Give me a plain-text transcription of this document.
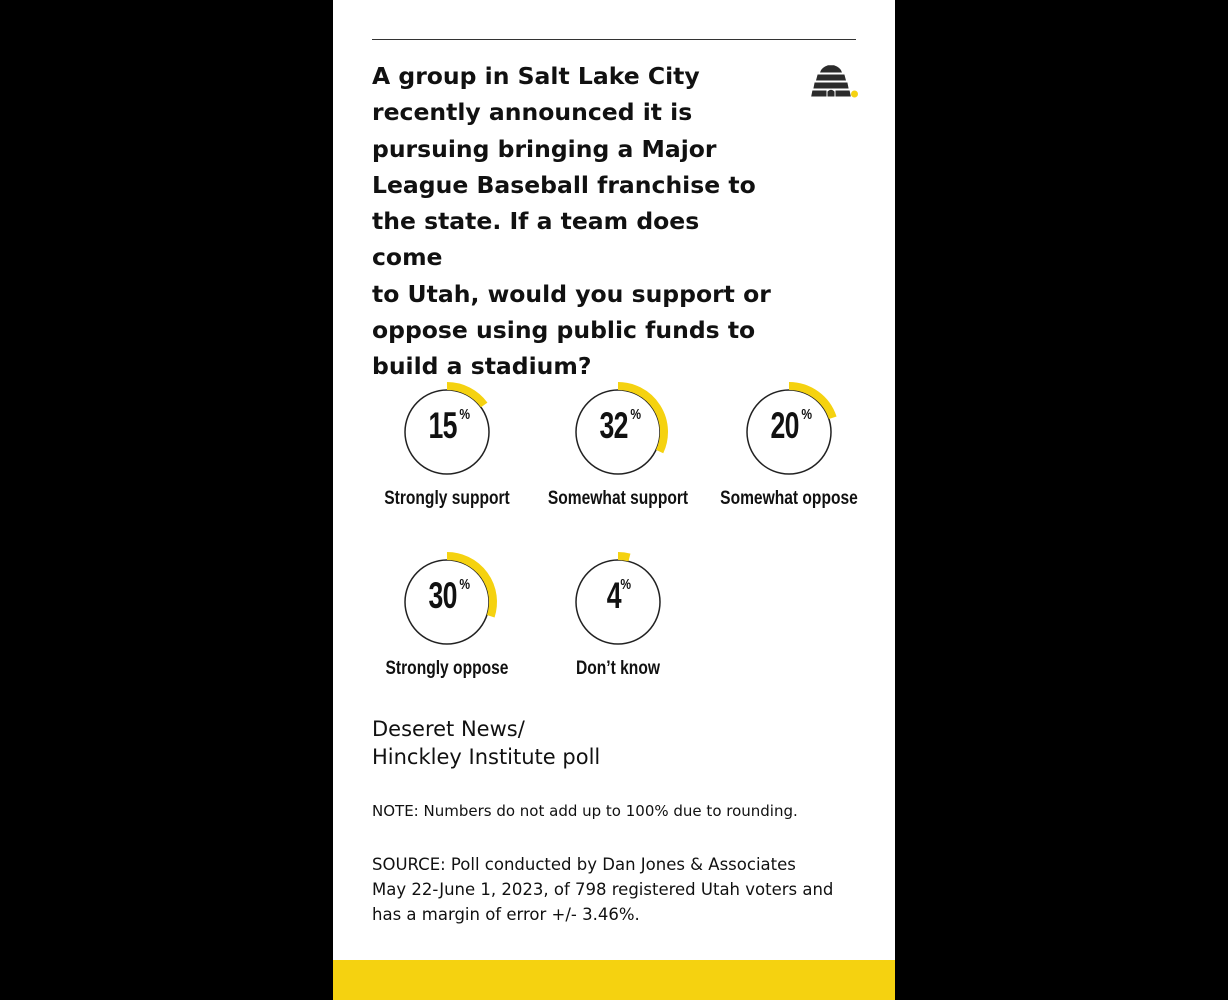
A group in Salt Lake City
recently announced it is
pursuing bringing a Major
League Baseball franchise to
the state. If a team does come
to Utah, would you support or
oppose using public funds to
build a stadium?

15 %
Strongly support
32 %
Somewhat support
20 %
Somewhat oppose
30 %
Strongly oppose
4%
Don’t know
Deseret News/
Hinckley Institute poll
NOTE: Numbers do not add up to 100% due to rounding.
SOURCE: Poll conducted by Dan Jones & Associates
May 22-June 1, 2023, of 798 registered Utah voters and
has a margin of error +/- 3.46%.
